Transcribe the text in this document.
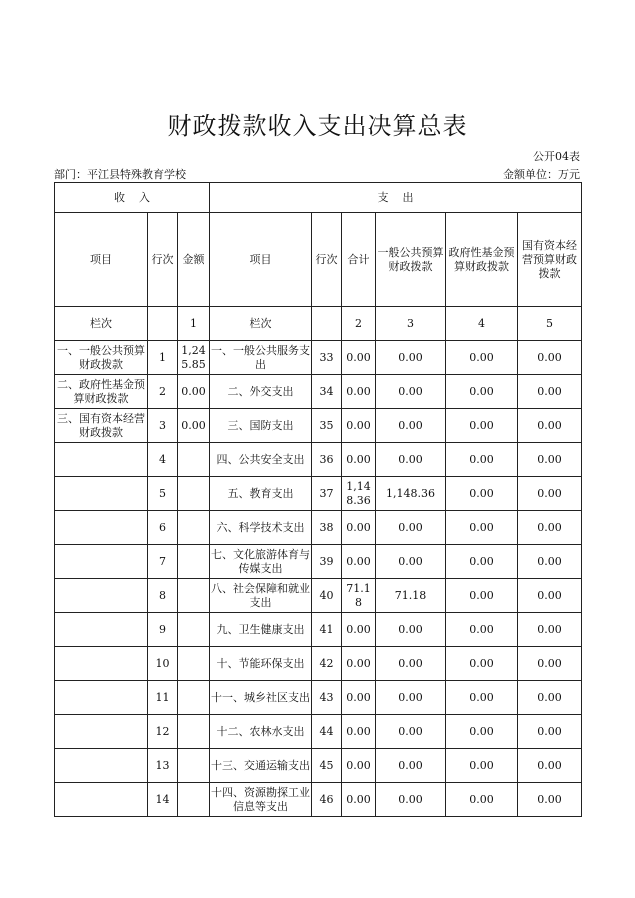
财政拨款收入支出决算总表
公开04表
部门：平江县特殊教育学校	金额单位：万元
收    入			支    出					
项目	行次	金额	项目	行次	合计	一般公共预算财政拨款	政府性基金预算财政拨款	国有资本经营预算财政拨款
栏次		1	栏次		2	3	4	5
一、一般公共预算财政拨款	1	1,245.85	一、一般公共服务支出	33	0.00	0.00	0.00	0.00
二、政府性基金预算财政拨款	2	0.00	二、外交支出	34	0.00	0.00	0.00	0.00
三、国有资本经营财政拨款	3	0.00	三、国防支出	35	0.00	0.00	0.00	0.00
	4		四、公共安全支出	36	0.00	0.00	0.00	0.00
	5		五、教育支出	37	1,148.36	1,148.36	0.00	0.00
	6		六、科学技术支出	38	0.00	0.00	0.00	0.00
	7		七、文化旅游体育与传媒支出	39	0.00	0.00	0.00	0.00
	8		八、社会保障和就业支出	40	71.18	71.18	0.00	0.00
	9		九、卫生健康支出	41	0.00	0.00	0.00	0.00
	10		十、节能环保支出	42	0.00	0.00	0.00	0.00
	11		十一、城乡社区支出	43	0.00	0.00	0.00	0.00
	12		十二、农林水支出	44	0.00	0.00	0.00	0.00
	13		十三、交通运输支出	45	0.00	0.00	0.00	0.00
	14		十四、资源勘探工业信息等支出	46	0.00	0.00	0.00	0.00
